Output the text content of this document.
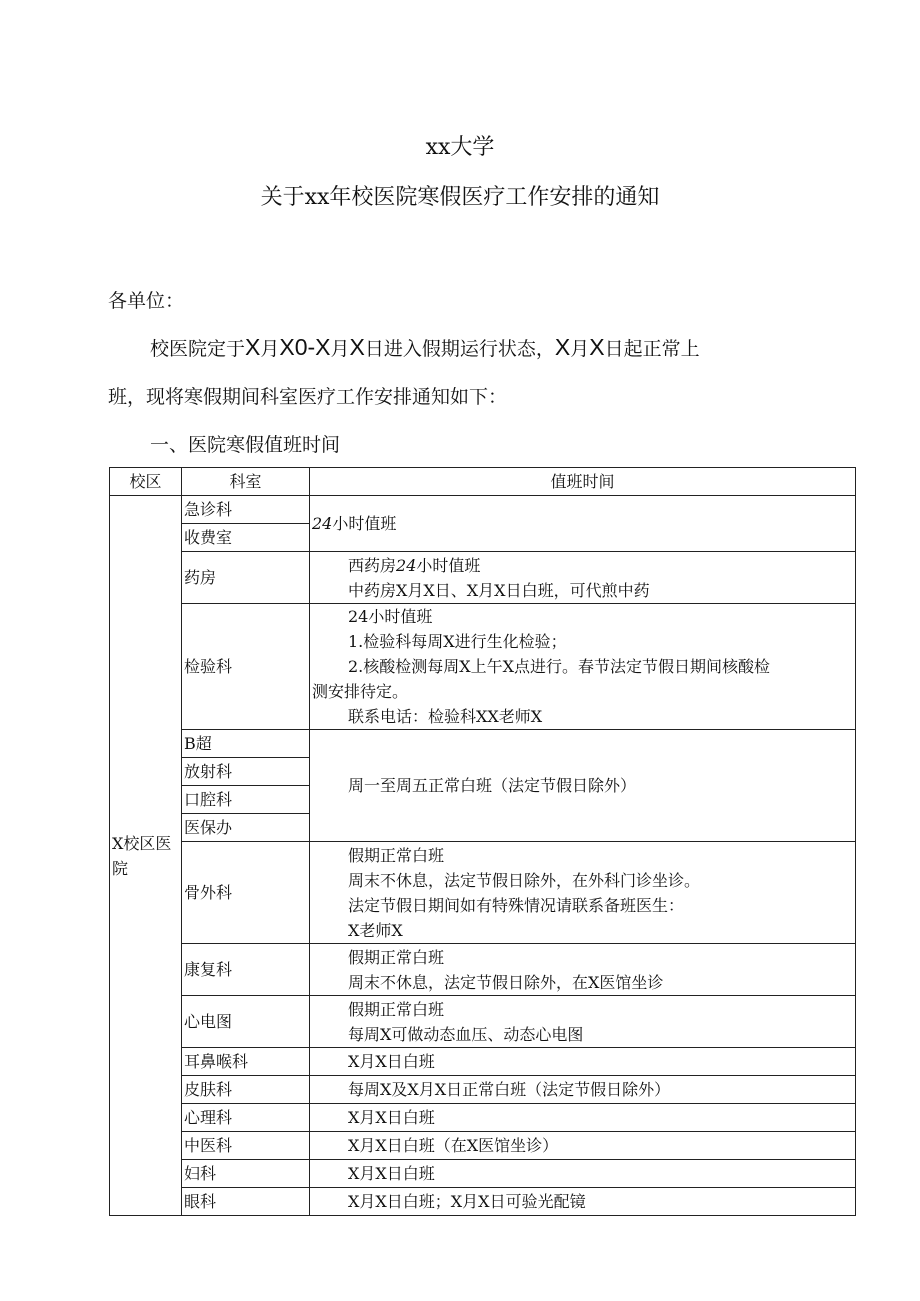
xx大学
关于xx年校医院寒假医疗工作安排的通知
各单位：
校医院定于X月X0-X月X日进入假期运行状态，X月X日起正常上
班，现将寒假期间科室医疗工作安排通知如下：
一、医院寒假值班时间
校区	科室	值班时间
X校区医院	急诊科	24小时值班
	收费室	
	药房	西药房24小时值班
中药房X月X日、X月X日白班，可代煎中药

	检验科	24小时值班
1.检验科每周X进行生化检验；
2.核酸检测每周X上午X点进行。春节法定节假日期间核酸检
测安排待定。
联系电话：检验科XX老师X

	B超	周一至周五正常白班（法定节假日除外）
	放射科	
	口腔科	
	医保办	
	骨外科	假期正常白班
周末不休息，法定节假日除外，在外科门诊坐诊。
法定节假日期间如有特殊情况请联系备班医生：
X老师X

	康复科	假期正常白班
周末不休息，法定节假日除外，在X医馆坐诊

	心电图	假期正常白班
每周X可做动态血压、动态心电图

	耳鼻喉科	X月X日白班
	皮肤科	每周X及X月X日正常白班（法定节假日除外）
	心理科	X月X日白班
	中医科	X月X日白班（在X医馆坐诊）
	妇科	X月X日白班
	眼科	X月X日白班；X月X日可验光配镜
